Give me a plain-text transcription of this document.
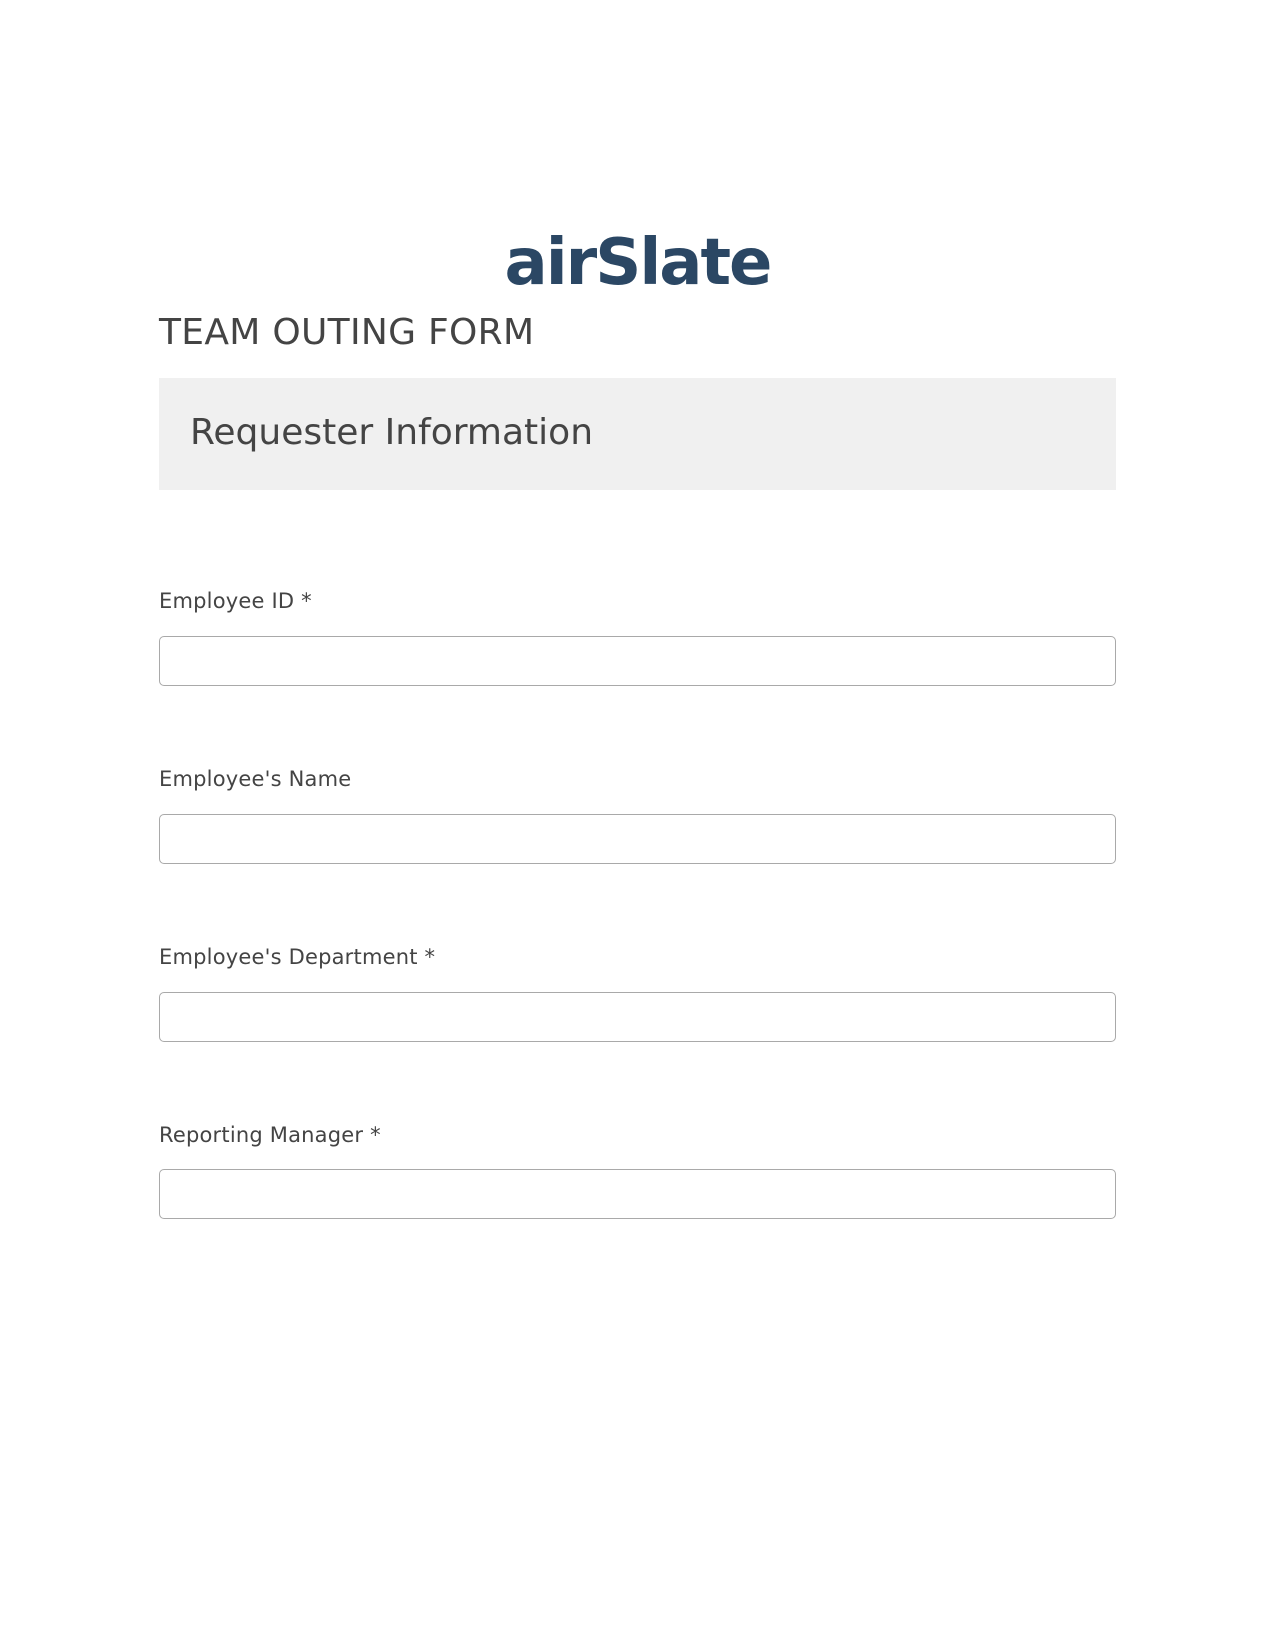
airSlate
TEAM OUTING FORM
Requester Information
Employee ID *
Employee's Name
Employee's Department *
Reporting Manager *
